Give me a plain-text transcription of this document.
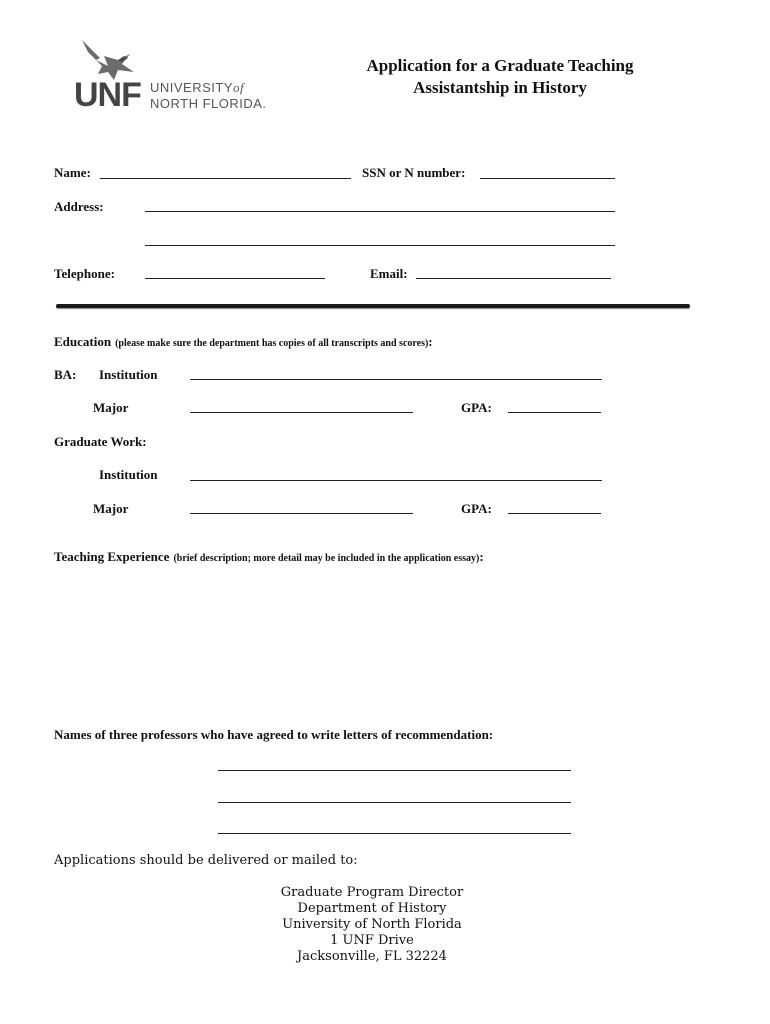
UNF UNIVERSITYof
NORTH FLORIDA.
Application for a Graduate Teaching
Assistantship in History
Name:	SSN or N number:
Address:
Telephone:	Email:
Education (please make sure the department has copies of all transcripts and scores):
BA: Institution
Major	GPA:
Graduate Work:
Institution
Major	GPA:
Teaching Experience (brief description; more detail may be included in the application essay):
Names of three professors who have agreed to write letters of recommendation:
Applications should be delivered or mailed to:
Graduate Program Director
Department of History
University of North Florida
1 UNF Drive
Jacksonville, FL 32224
